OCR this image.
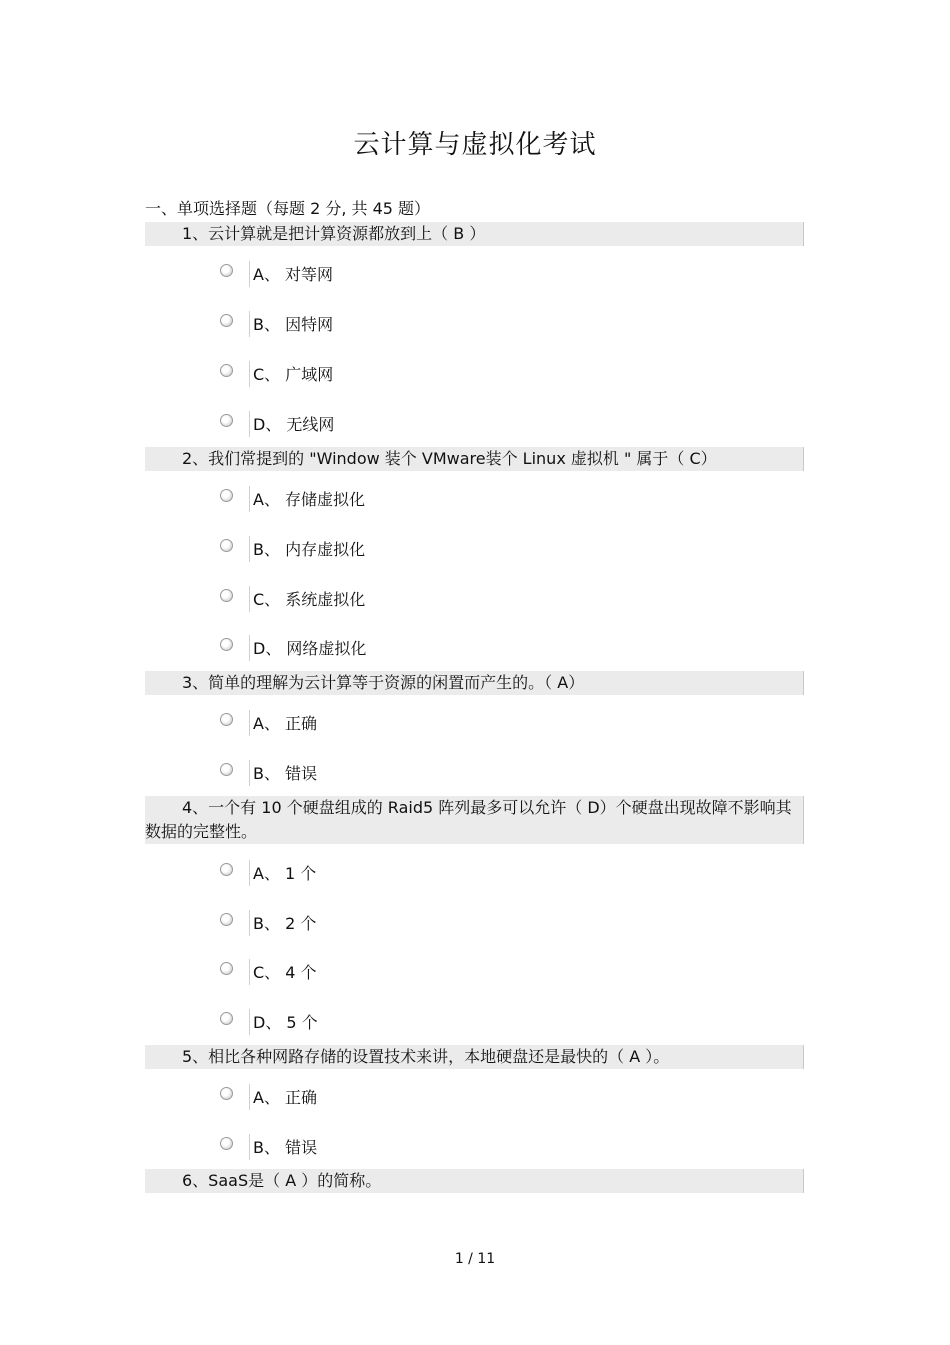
云计算与虚拟化考试
一、单项选择题（每题 2 分, 共 45 题）
1、云计算就是把计算资源都放到上（ B ）
A、 对等网
B、 因特网
C、 广域网
D、 无线网
2、我们常提到的 "Window 装个 VMware装个 Linux 虚拟机 " 属于（ C）
A、 存储虚拟化
B、 内存虚拟化
C、 系统虚拟化
D、 网络虚拟化
3、简单的理解为云计算等于资源的闲置而产生的。（ A）
A、 正确
B、 错误
4、一个有 10 个硬盘组成的 Raid5 阵列最多可以允许（ D）个硬盘出现故障不影响其数据的完整性。
A、 1 个
B、 2 个
C、 4 个
D、 5 个
5、相比各种网路存储的设置技术来讲，本地硬盘还是最快的（ A ）。
A、 正确
B、 错误
6、SaaS是（ A ）的简称。
1 / 11
